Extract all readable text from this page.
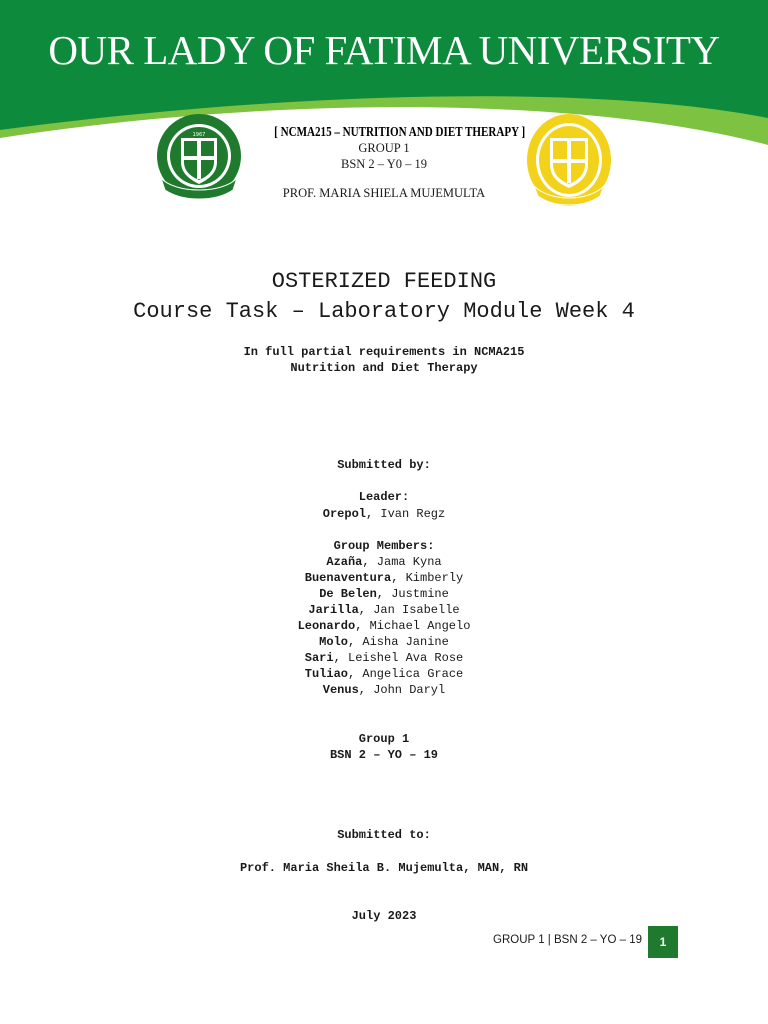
OUR LADY OF FATIMA UNIVERSITY
1967	[ NCMA215 – NUTRITION AND DIET THERAPY ]
GROUP 1
BSN 2 – Y0 – 19
PROF. MARIA SHIELA MUJEMULTA
OSTERIZED FEEDING
Course Task – Laboratory Module Week 4
In full partial requirements in NCMA215
Nutrition and Diet Therapy
Submitted by:
Leader:
Orepol, Ivan Regz
Group Members:
Azaña, Jama Kyna
Buenaventura, Kimberly
De Belen, Justmine
Jarilla, Jan Isabelle
Leonardo, Michael Angelo
Molo, Aisha Janine
Sari, Leishel Ava Rose
Tuliao, Angelica Grace
Venus, John Daryl
Group 1
BSN 2 – YO – 19
Submitted to:
Prof. Maria Sheila B. Mujemulta, MAN, RN
July 2023
GROUP 1 | BSN 2 – YO – 19	1
